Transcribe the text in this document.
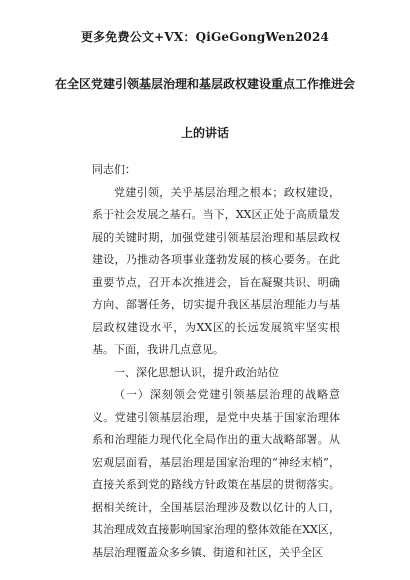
更多免费公文+VX：QiGeGongWen2024
在全区党建引领基层治理和基层政权建设重点工作推进会
上的讲话

同志们：

党建引领，关乎基层治理之根本；政权建设，系于社会发展之基石。当下，XX区正处于高质量发展的关键时期，加强党建引领基层治理和基层政权建设，乃推动各项事业蓬勃发展的核心要务。在此重要节点，召开本次推进会，旨在凝聚共识、明确方向、部署任务，切实提升我区基层治理能力与基层政权建设水平，为XX区的长远发展筑牢坚实根基。下面，我讲几点意见。

一、深化思想认识，提升政治站位

（一）深刻领会党建引领基层治理的战略意义。党建引领基层治理，是党中央基于国家治理体系和治理能力现代化全局作出的重大战略部署。从宏观层面看，基层治理是国家治理的“神经末梢”，直接关系到党的路线方针政策在基层的贯彻落实。据相关统计，全国基层治理涉及数以亿计的人口，其治理成效直接影响国家治理的整体效能在XX区，基层治理覆盖众多乡镇、街道和社区，关乎全区
